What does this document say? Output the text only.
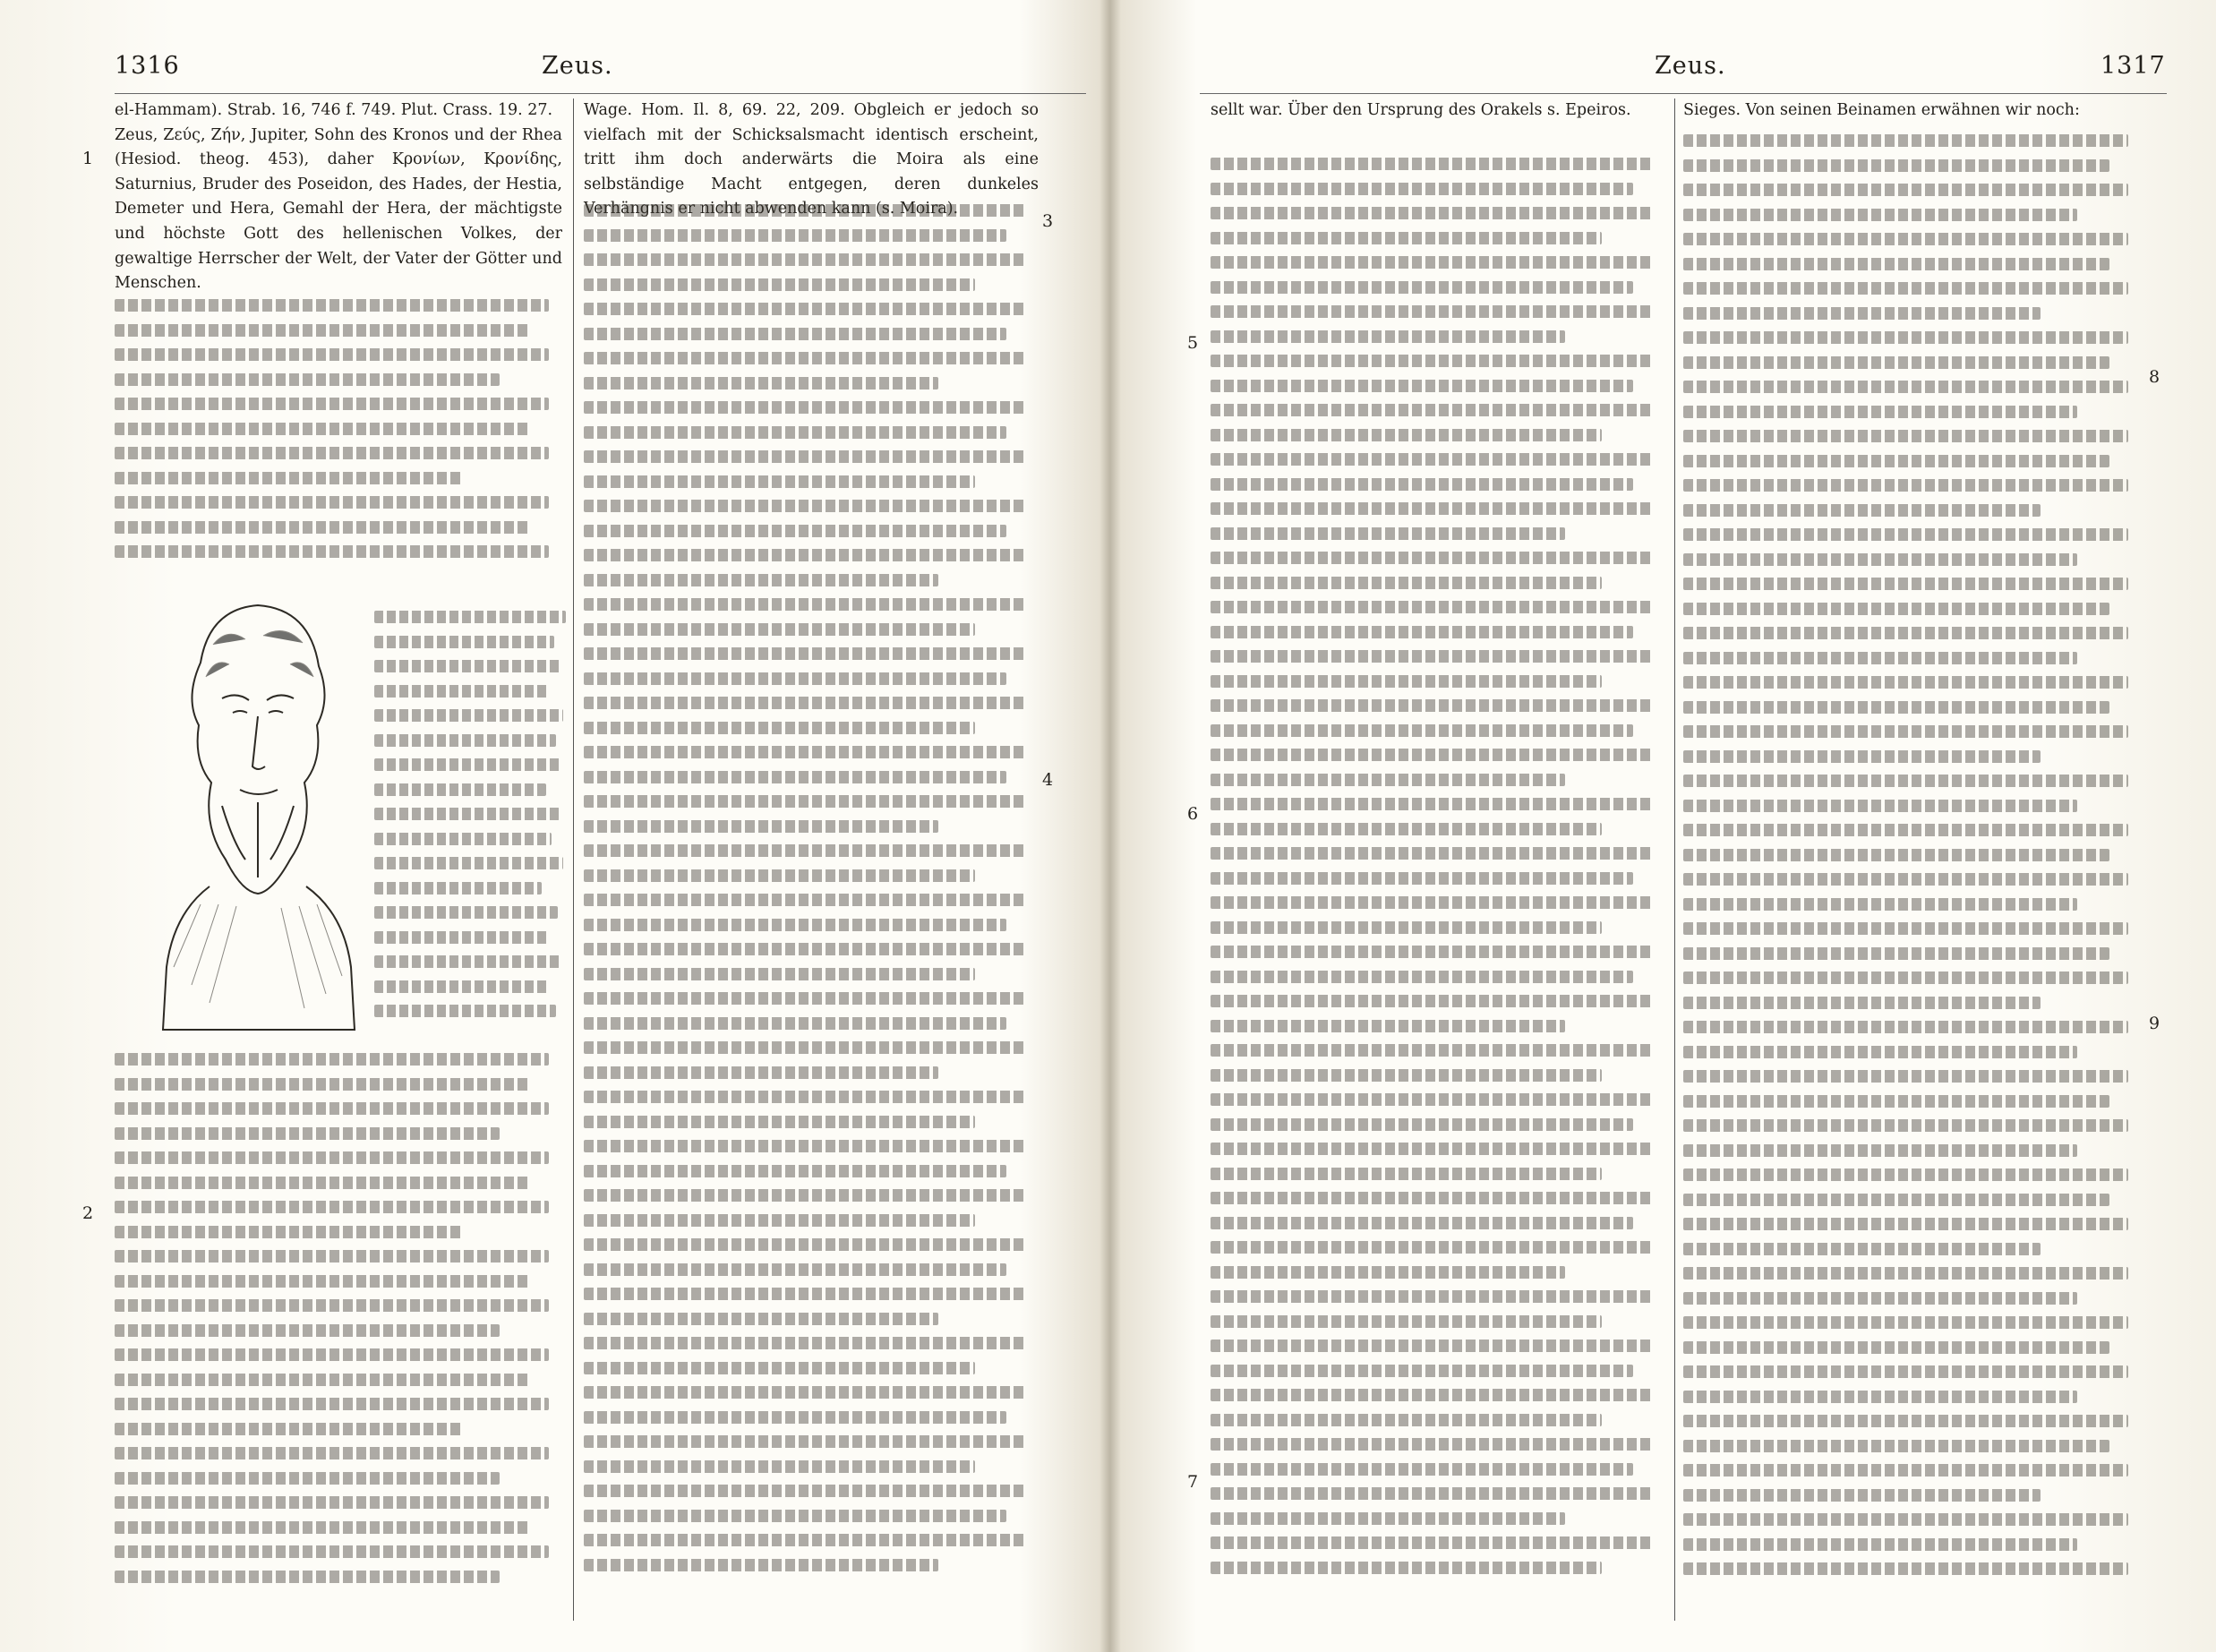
1316	Zeus.

el-Hammam). Strab. 16, 746 f. 749. Plut. Crass. 19. 27.

Zeus, Ζεύς, Ζήν, Jupiter, Sohn des Kronos und der Rhea (Hesiod. theog. 453), daher Κρονίων, Κρονίδης, Saturnius, Bruder des Poseidon, des Hades, der Hestia, Demeter und Hera, Gemahl der Hera, der mächtigste und höchste Gott des hellenischen Volkes, der gewaltige Herrscher der Welt, der Vater der Götter und Menschen.

1
2

Wage. Hom. Il. 8, 69. 22, 209. Obgleich er jedoch so vielfach mit der Schicksalsmacht identisch erscheint, tritt ihm doch anderwärts die Moira als eine selbständige Macht entgegen, deren dunkeles Verhängnis er nicht abwenden kann (s. Moira).

3
4
Zeus.	1317

sellt war. Über den Ursprung des Orakels s. Epeiros.

5
6
7

Sieges. Von seinen Beinamen erwähnen wir noch:

8
9
